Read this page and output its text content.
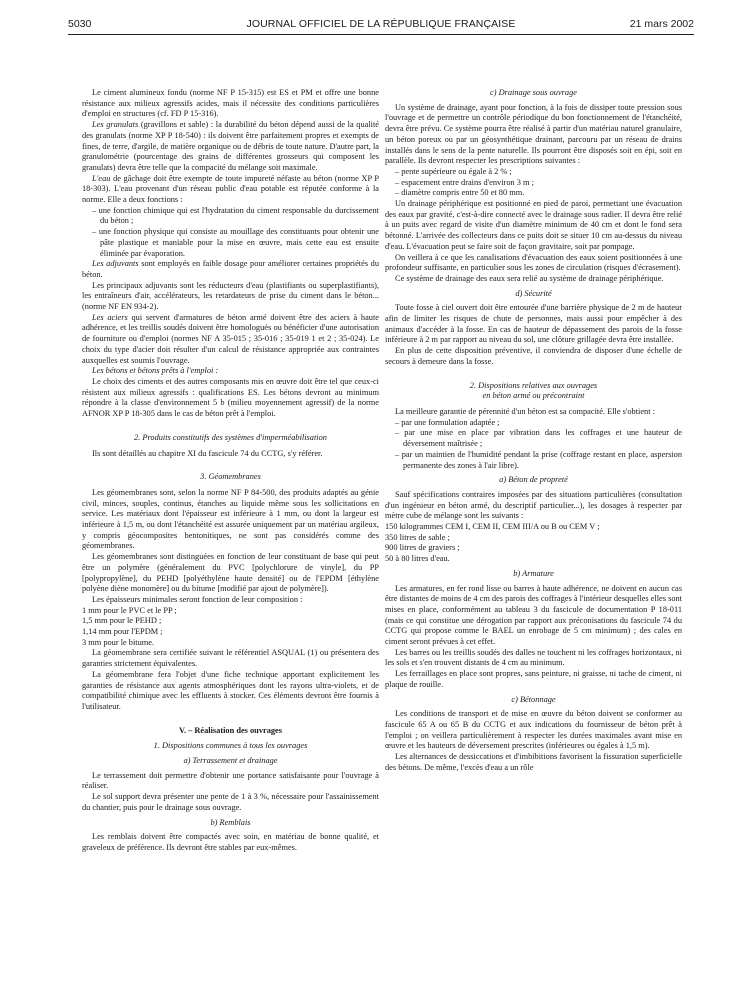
5030	JOURNAL OFFICIEL DE LA RÉPUBLIQUE FRANÇAISE	21 mars 2002

Le ciment alumineux fondu (norme NF P 15-315) est ES et PM et offre une bonne résistance aux milieux agressifs acides, mais il nécessite des conditions particulières d'emploi en structures (cf. FD P 15-316).

Les granulats (gravillons et sable) : la durabilité du béton dépend aussi de la qualité des granulats (norme XP P 18-540) : ils doivent être parfaitement propres et exempts de fines, de terre, d'argile, de matière organique ou de débris de toute nature. D'autre part, la granulométrie (pourcentage des grains de différentes grosseurs qui composent les granulats) devra être telle que la compacité du mélange soit maximale.

L'eau de gâchage doit être exempte de toute impureté néfaste au béton (norme XP P 18-303). L'eau provenant d'un réseau public d'eau potable est réputée conforme à la norme. Elle a deux fonctions :

– une fonction chimique qui est l'hydratation du ciment responsable du durcissement du béton ;
– une fonction physique qui consiste au mouillage des constituants pour obtenir une pâte plastique et maniable pour la mise en œuvre, mais cette eau est ensuite éliminée par évaporation.

Les adjuvants sont employés en faible dosage pour améliorer certaines propriétés du béton.

Les principaux adjuvants sont les réducteurs d'eau (plastifiants ou superplastifiants), les entraîneurs d'air, accélérateurs, les retardateurs de prise du ciment dans le béton... (norme NF EN 934-2).

Les aciers qui servent d'armatures de béton armé doivent être des aciers à haute adhérence, et les treillis soudés doivent être homologués ou bénéficier d'une autorisation de fourniture ou d'emploi (normes NF A 35-015 ; 35-016 ; 35-019 1 et 2 ; 35-024). Le choix du type d'acier doit résulter d'un calcul de résistance appropriée aux contraintes auxquelles est soumis l'ouvrage.

Les bétons et bétons prêts à l'emploi :

Le choix des ciments et des autres composants mis en œuvre doit être tel que ceux-ci résistent aux milieux agressifs : qualifications ES. Les bétons devront au minimum répondre à la classe d'environnement 5 b (milieu moyennement agressif) de la norme AFNOR XP P 18-305 dans le cas de béton prêt à l'emploi.

2. Produits constitutifs des systèmes d'imperméabilisation

Ils sont détaillés au chapitre XI du fascicule 74 du CCTG, s'y référer.

3. Géomembranes

Les géomembranes sont, selon la norme NF P 84-500, des produits adaptés au génie civil, minces, souples, continus, étanches au liquide même sous les sollicitations en service. Les matériaux dont l'épaisseur est inférieure à 1 mm, ou dont la largeur est inférieure à 1,5 m, ou dont l'étanchéité est assurée uniquement par un matériau argileux, y compris géocomposites bentonitiques, ne sont pas considérés comme des géomembranes.

Les géomembranes sont distinguées en fonction de leur constituant de base qui peut être un polymère (généralement du PVC [polychlorure de vinyle], du PP [polypropylène], du PEHD [polyéthylène haute densité] ou de l'EPDM [éthylène polyène diène monomère] ou du bitume [modifié par ajout de polymère]).

Les épaisseurs minimales seront fonction de leur composition :

1 mm pour le PVC et le PP ;

1,5 mm pour le PEHD ;

1,14 mm pour l'EPDM ;

3 mm pour le bitume.

La géomembrane sera certifiée suivant le référentiel ASQUAL (1) ou présentera des garanties strictement équivalentes.

La géomembrane fera l'objet d'une fiche technique apportant explicitement les garanties de résistance aux agents atmosphériques dont les rayons ultra-violets, et de compatibilité chimique avec les effluents à stocker. Ces éléments devront être fournis à l'utilisateur.

V. – Réalisation des ouvrages

1. Dispositions communes à tous les ouvrages

a) Terrassement et drainage

Le terrassement doit permettre d'obtenir une portance satisfaisante pour l'ouvrage à réaliser.

Le sol support devra présenter une pente de 1 à 3 %, nécessaire pour l'assainissement du chantier, puis pour le drainage sous ouvrage.

b) Remblais

Les remblais doivent être compactés avec soin, en matériau de bonne qualité, et graveleux de préférence. Ils devront être stables par eux-mêmes.

c) Drainage sous ouvrage

Un système de drainage, ayant pour fonction, à la fois de dissiper toute pression sous l'ouvrage et de permettre un contrôle périodique du bon fonctionnement de l'étanchéité, devra être prévu. Ce système pourra être réalisé à partir d'un matériau naturel granulaire, un béton poreux ou par un géosynthétique drainant, parcouru par un réseau de drains installés dans le sens de la pente naturelle. Ils pourront être disposés soit en épi, soit en parallèle. Ils devront respecter les prescriptions suivantes :

– pente supérieure ou égale à 2 % ;
– espacement entre drains d'environ 3 m ;
– diamètre compris entre 50 et 80 mm.

Un drainage périphérique est positionné en pied de paroi, permettant une évacuation des eaux par gravité, c'est-à-dire connecté avec le drainage sous radier. Il devra être relié à un puits avec regard de visite d'un diamètre minimum de 40 cm et dont le fond sera bétonné. L'arrivée des collecteurs dans ce puits doit se situer 10 cm au-dessus du niveau d'eau. L'évacuation peut se faire soit de façon gravitaire, soit par pompage.

On veillera à ce que les canalisations d'évacuation des eaux soient positionnées à une profondeur suffisante, en particulier sous les zones de circulation (risques d'écrasement).

Ce système de drainage des eaux sera relié au système de drainage périphérique.

d) Sécurité

Toute fosse à ciel ouvert doit être entourée d'une barrière physique de 2 m de hauteur afin de limiter les risques de chute de personnes, mais aussi pour empêcher à des animaux d'accéder à la fosse. En cas de hauteur de dépassement des parois de la fosse inférieure à 2 m par rapport au niveau du sol, une clôture grillagée devra être installée.

En plus de cette disposition préventive, il conviendra de disposer d'une échelle de secours à demeure dans la fosse.

2. Dispositions relatives aux ouvrages

en béton armé ou précontraint

La meilleure garantie de pérennité d'un béton est sa compacité. Elle s'obtient :

– par une formulation adaptée ;
– par une mise en place par vibration dans les coffrages et une hauteur de déversement maîtrisée ;
– par un maintien de l'humidité pendant la prise (coffrage restant en place, aspersion permanente des zones à l'air libre).

a) Béton de propreté

Sauf spécifications contraires imposées par des situations particulières (consultation d'un ingénieur en béton armé, du descriptif particulier...), les dosages à respecter par mètre cube de mélange sont les suivants :

150 kilogrammes CEM I, CEM II, CEM III/A ou B ou CEM V ;

350 litres de sable ;

900 litres de graviers ;

50 à 80 litres d'eau.

b) Armature

Les armatures, en fer rond lisse ou barres à haute adhérence, ne doivent en aucun cas être distantes de moins de 4 cm des parois des coffrages à l'intérieur desquelles elles sont mises en place, conformément au tableau 3 du fascicule de documentation P 18-011 (mais ce qui constitue une dérogation par rapport aux préconisations du fascicule 74 du CCTG qui propose comme le BAEL un enrobage de 5 cm minimum) ; des cales en ciment seront prévues à cet effet.

Les barres ou les treillis soudés des dalles ne touchent ni les coffrages horizontaux, ni les sols et s'en trouvent distants de 4 cm au minimum.

Les ferraillages en place sont propres, sans peinture, ni graisse, ni tache de ciment, ni plaque de rouille.

c) Bétonnage

Les conditions de transport et de mise en œuvre du béton doivent se conformer au fascicule 65 A ou 65 B du CCTG et aux indications du fournisseur de béton prêt à l'emploi ; on veillera particulièrement à respecter les durées maximales avant mise en œuvre et les hauteurs de déversement prescrites (inférieures ou égales à 1,5 m).

Les alternances de dessiccations et d'imbibitions favorisent la fissuration superficielle des bétons. De même, l'excès d'eau a un rôle
